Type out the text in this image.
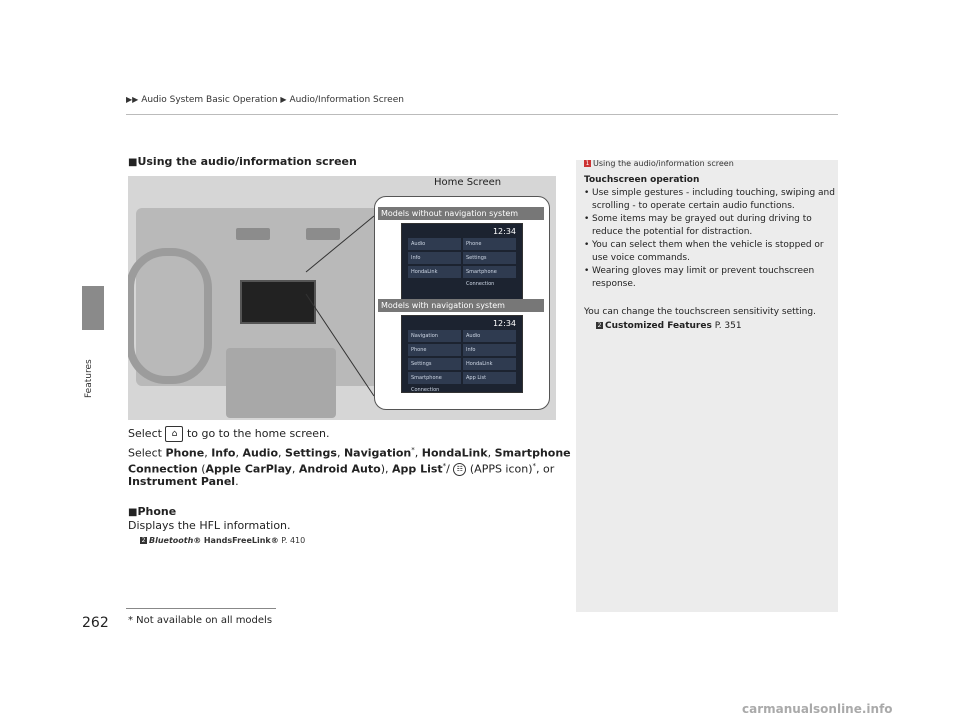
Features
▶▶ Audio System Basic Operation ▶ Audio/Information Screen
■Using the audio/information screen
Home Screen
Models without navigation system
12:34
Audio	Phone
Info	Settings
HondaLink	Smartphone Connection
Models with navigation system
12:34
Navigation	Audio
Phone	Info
Settings	HondaLink
Smartphone Connection
App List
Select ⌂ to go to the home screen.
Select Phone, Info, Audio, Settings, Navigation*, HondaLink, Smartphone
Connection (Apple CarPlay, Android Auto), App List*/ ☷ (APPS icon)*, or
Instrument Panel.
■Phone
Displays the HFL information.
2 Bluetooth® HandsFreeLink® P. 410
1 Using the audio/information screen
Touchscreen operation
• Use simple gestures - including touching, swiping and scrolling - to operate certain audio functions.
• Some items may be grayed out during driving to reduce the potential for distraction.
• You can select them when the vehicle is stopped or use voice commands.
• Wearing gloves may limit or prevent touchscreen response.
You can change the touchscreen sensitivity setting.
2 Customized Features P. 351
262 * Not available on all models
carmanualsonline.info
